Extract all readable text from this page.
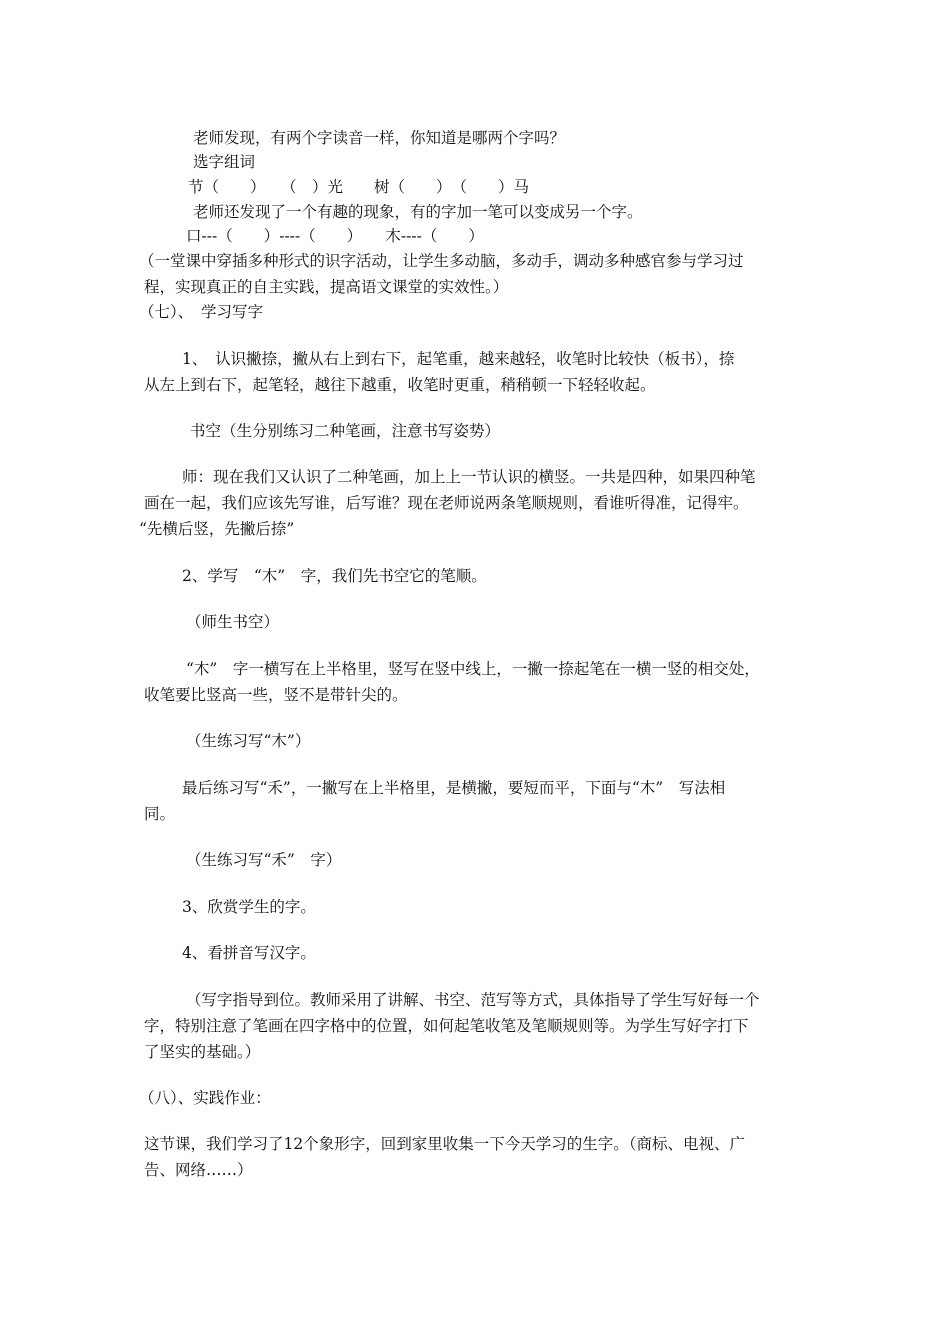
老师发现，有两个字读音一样，你知道是哪两个字吗？
选字组词
节（　　）　　（　）光　　树（　　）　（　　）马
老师还发现了一个有趣的现象，有的字加一笔可以变成另一个字。
口---（　　）----（　　）　　木----（　　）
（一堂课中穿插多种形式的识字活动，让学生多动脑，多动手，调动多种感官参与学习过
程，实现真正的自主实践，提高语文课堂的实效性。）
（七）、　学习写字
1、　认识撇捺，撇从右上到右下，起笔重，越来越轻，收笔时比较快（板书），捺
从左上到右下，起笔轻，越往下越重，收笔时更重，稍稍顿一下轻轻收起。
书空（生分别练习二种笔画，注意书写姿势）
师：现在我们又认识了二种笔画，加上上一节认识的横竖。一共是四种，如果四种笔
画在一起，我们应该先写谁，后写谁？现在老师说两条笔顺规则，看谁听得准，记得牢。
“先横后竖，先撇后捺”
2、学写　“木”　字，我们先书空它的笔顺。
（师生书空）
“木”　字一横写在上半格里，竖写在竖中线上，一撇一捺起笔在一横一竖的相交处，
收笔要比竖高一些，竖不是带针尖的。
（生练习写“木”）
最后练习写“禾”，一撇写在上半格里，是横撇，要短而平，下面与“木”　写法相
同。
（生练习写“禾”　字）
3、欣赏学生的字。
4、看拼音写汉字。
（写字指导到位。教师采用了讲解、书空、范写等方式，具体指导了学生写好每一个
字，特别注意了笔画在四字格中的位置，如何起笔收笔及笔顺规则等。为学生写好字打下
了坚实的基础。）
（八）、实践作业：
这节课，我们学习了12个象形字，回到家里收集一下今天学习的生字。（商标、电视、广
告、网络……）
